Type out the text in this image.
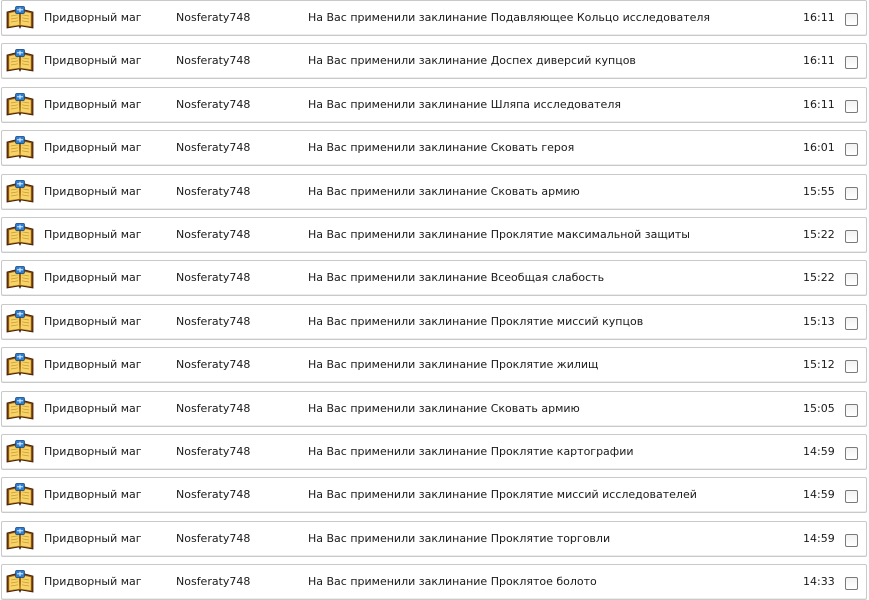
Придворный маг	Nosferaty748	На Вас применили заклинание Подавляющее Кольцо исследователя	16:11
Придворный маг	Nosferaty748	На Вас применили заклинание Доспех диверсий купцов	16:11
Придворный маг	Nosferaty748	На Вас применили заклинание Шляпа исследователя	16:11
Придворный маг	Nosferaty748	На Вас применили заклинание Сковать героя	16:01
Придворный маг	Nosferaty748	На Вас применили заклинание Сковать армию	15:55
Придворный маг	Nosferaty748	На Вас применили заклинание Проклятие максимальной защиты	15:22
Придворный маг	Nosferaty748	На Вас применили заклинание Всеобщая слабость	15:22
Придворный маг	Nosferaty748	На Вас применили заклинание Проклятие миссий купцов	15:13
Придворный маг	Nosferaty748	На Вас применили заклинание Проклятие жилищ	15:12
Придворный маг	Nosferaty748	На Вас применили заклинание Сковать армию	15:05
Придворный маг	Nosferaty748	На Вас применили заклинание Проклятие картографии	14:59
Придворный маг	Nosferaty748	На Вас применили заклинание Проклятие миссий исследователей	14:59
Придворный маг	Nosferaty748	На Вас применили заклинание Проклятие торговли	14:59
Придворный маг	Nosferaty748	На Вас применили заклинание Проклятое болото	14:33
